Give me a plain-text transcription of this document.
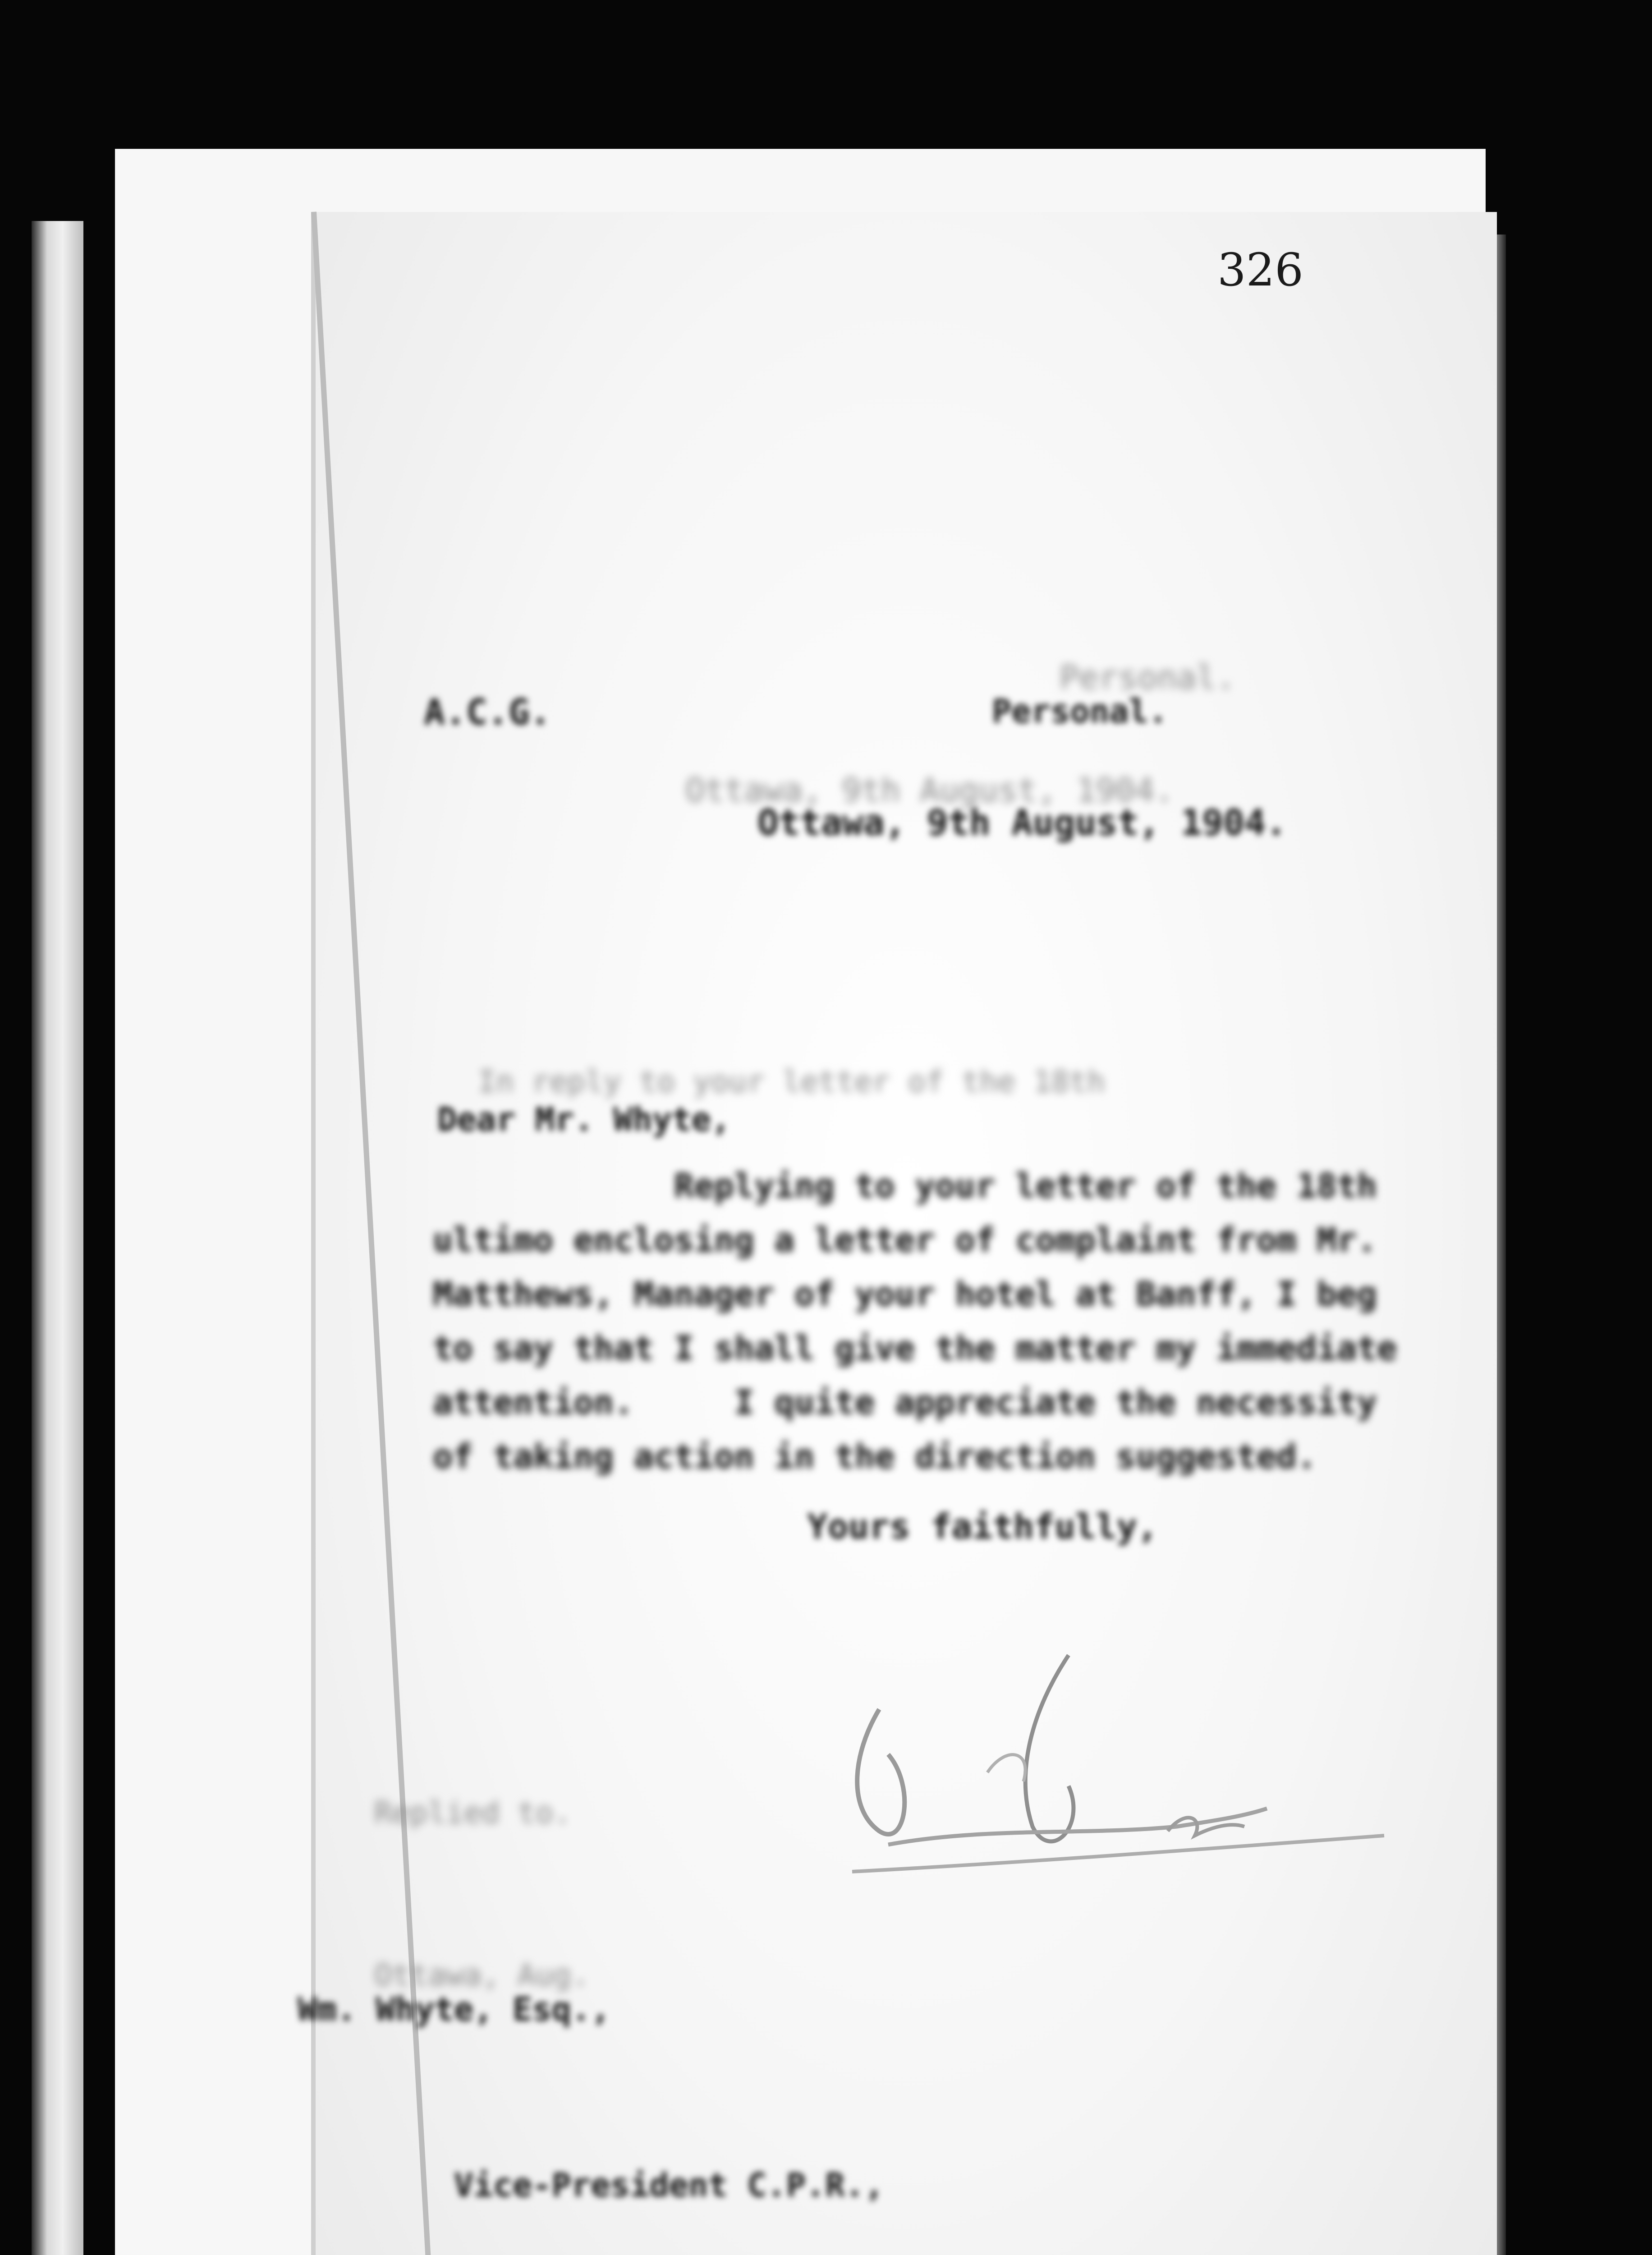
326
A.C.G.
Personal.
Personal.
Ottawa, 9th August, 1904.
Ottawa, 9th August, 1904.
In reply to your letter of the 18th
Dear Mr. Whyte,

Replying to your letter of the 18th

ultimo enclosing a letter of complaint from Mr.

Matthews, Manager of your hotel at Banff, I beg

to say that I shall give the matter my immediate

attention.     I quite appreciate the necessity

of taking action in the direction suggested.

Yours faithfully,

Replied to.

Ottawa, Aug.

Wm. Whyte, Esq.,

Vice-President C.P.R.,
